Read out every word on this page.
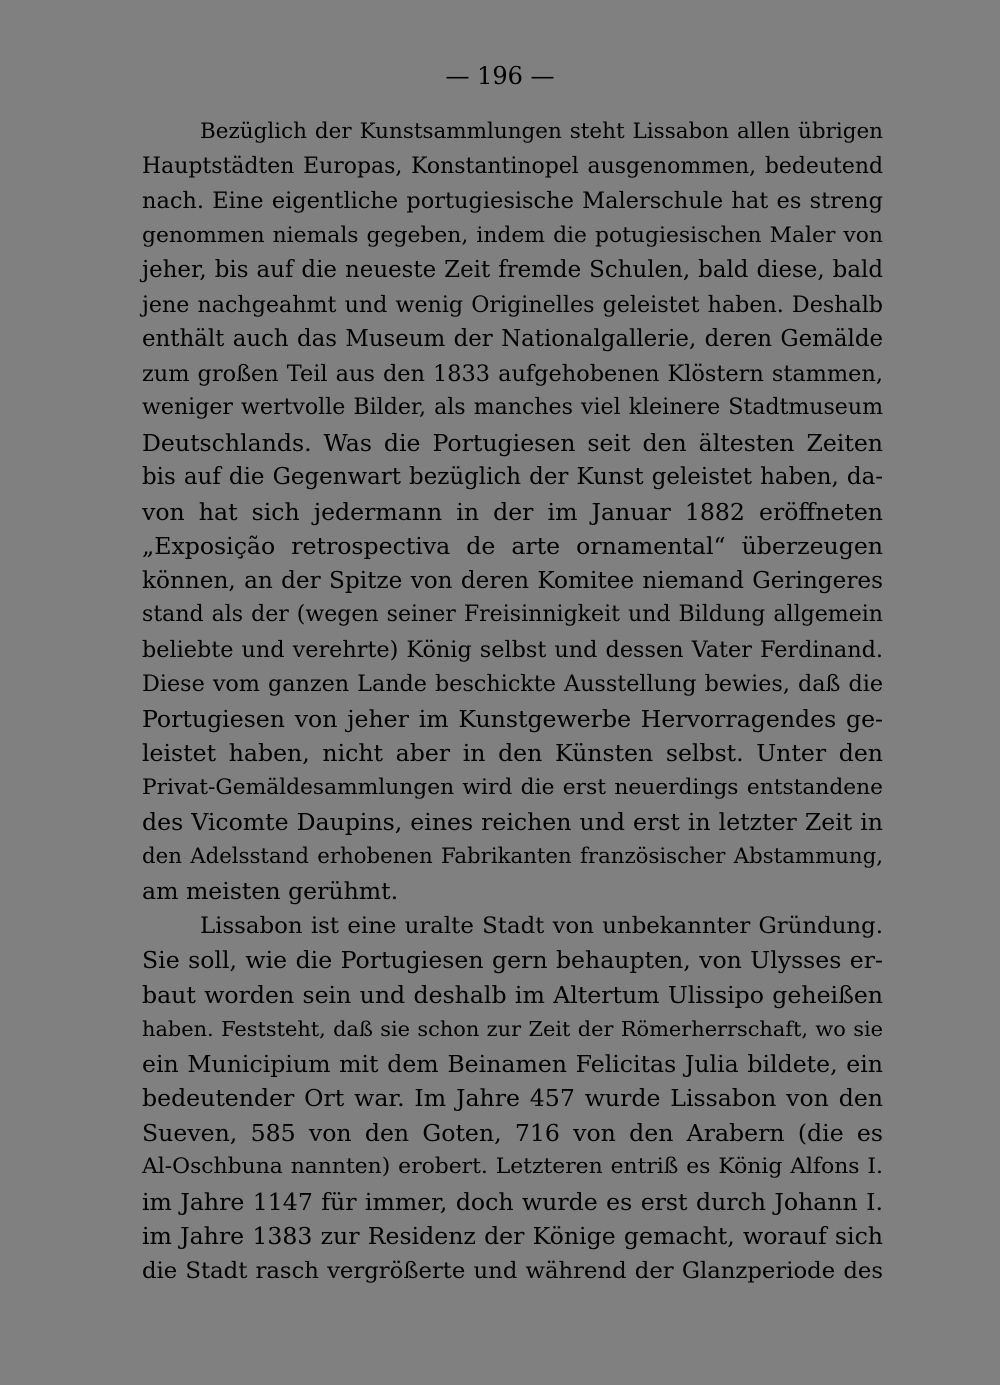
— 196 —
Bezüglich der Kunstsammlungen steht Lissabon allen übrigen
Hauptstädten Europas, Konstantinopel ausgenommen, bedeutend
nach. Eine eigentliche portugiesische Malerschule hat es streng
genommen niemals gegeben, indem die potugiesischen Maler von
jeher, bis auf die neueste Zeit fremde Schulen, bald diese, bald
jene nachgeahmt und wenig Originelles geleistet haben. Deshalb
enthält auch das Museum der Nationalgallerie, deren Gemälde
zum großen Teil aus den 1833 aufgehobenen Klöstern stammen,
weniger wertvolle Bilder, als manches viel kleinere Stadtmuseum
Deutschlands. Was die Portugiesen seit den ältesten Zeiten
bis auf die Gegenwart bezüglich der Kunst geleistet haben, da-
von hat sich jedermann in der im Januar 1882 eröffneten
„Exposição retrospectiva de arte ornamental“ überzeugen
können, an der Spitze von deren Komitee niemand Geringeres
stand als der (wegen seiner Freisinnigkeit und Bildung allgemein
beliebte und verehrte) König selbst und dessen Vater Ferdinand.
Diese vom ganzen Lande beschickte Ausstellung bewies, daß die
Portugiesen von jeher im Kunstgewerbe Hervorragendes ge-
leistet haben, nicht aber in den Künsten selbst. Unter den
Privat-Gemäldesammlungen wird die erst neuerdings entstandene
des Vicomte Daupins, eines reichen und erst in letzter Zeit in
den Adelsstand erhobenen Fabrikanten französischer Abstammung,
am meisten gerühmt.
Lissabon ist eine uralte Stadt von unbekannter Gründung.
Sie soll, wie die Portugiesen gern behaupten, von Ulysses er-
baut worden sein und deshalb im Altertum Ulissipo geheißen
haben. Feststeht, daß sie schon zur Zeit der Römerherrschaft, wo sie
ein Municipium mit dem Beinamen Felicitas Julia bildete, ein
bedeutender Ort war. Im Jahre 457 wurde Lissabon von den
Sueven, 585 von den Goten, 716 von den Arabern (die es
Al-Oschbuna nannten) erobert. Letzteren entriß es König Alfons I.
im Jahre 1147 für immer, doch wurde es erst durch Johann I.
im Jahre 1383 zur Residenz der Könige gemacht, worauf sich
die Stadt rasch vergrößerte und während der Glanzperiode des
